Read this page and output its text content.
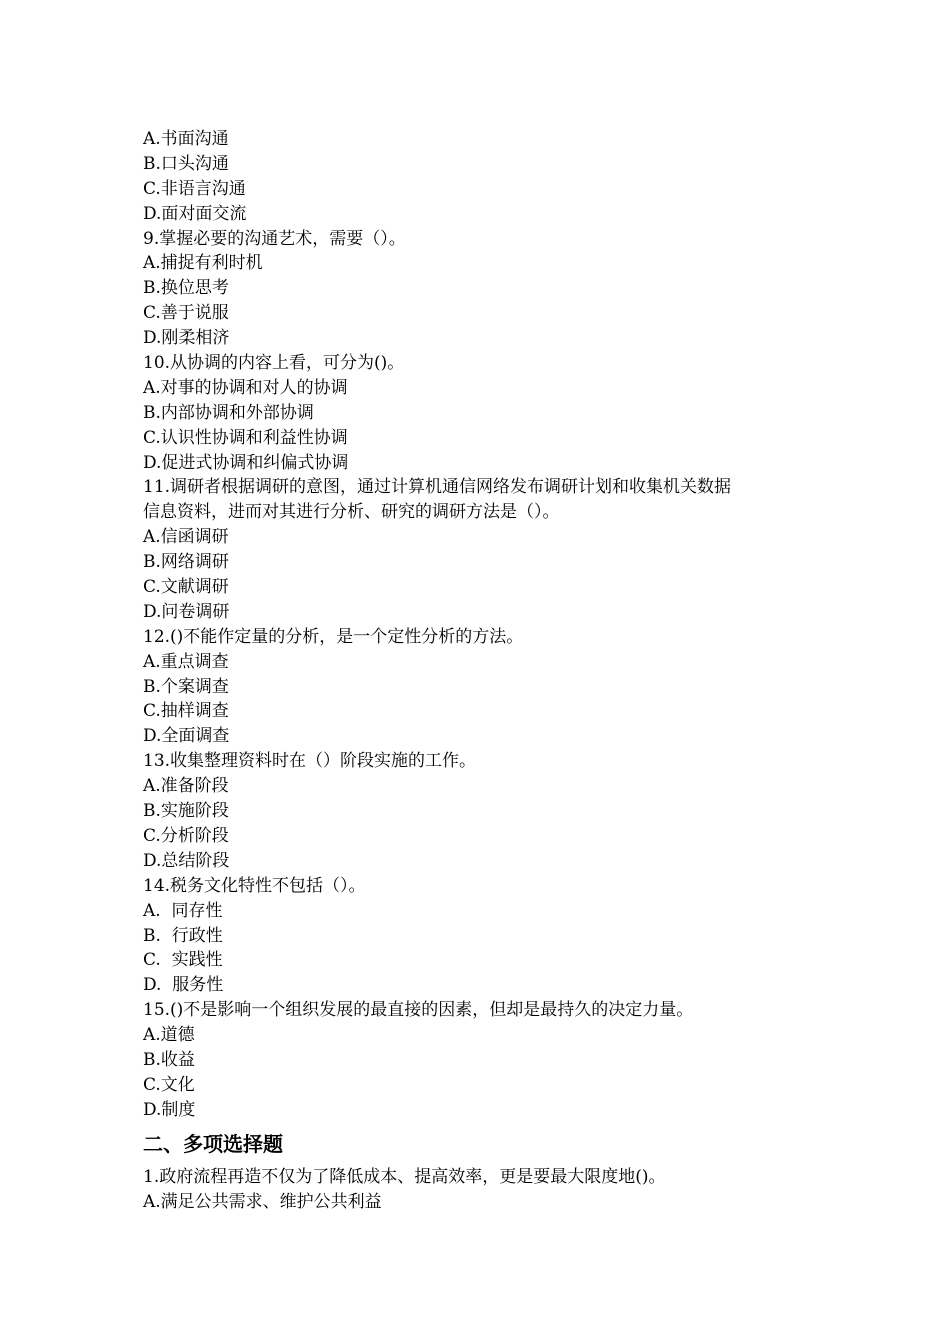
A.书面沟通
B.口头沟通
C.非语言沟通
D.面对面交流
9.掌握必要的沟通艺术，需要（）。
A.捕捉有利时机
B.换位思考
C.善于说服
D.刚柔相济
10.从协调的内容上看，可分为()。
A.对事的协调和对人的协调
B.内部协调和外部协调
C.认识性协调和利益性协调
D.促进式协调和纠偏式协调
11.调研者根据调研的意图，通过计算机通信网络发布调研计划和收集机关数据
信息资料，进而对其进行分析、研究的调研方法是（）。
A.信函调研
B.网络调研
C.文献调研
D.问卷调研
12.()不能作定量的分析，是一个定性分析的方法。
A.重点调查
B.个案调查
C.抽样调查
D.全面调查
13.收集整理资料时在（）阶段实施的工作。
A.准备阶段
B.实施阶段
C.分析阶段
D.总结阶段
14.税务文化特性不包括（）。
A.  同存性
B.  行政性
C.  实践性
D.  服务性
15.()不是影响一个组织发展的最直接的因素，但却是最持久的决定力量。
A.道德
B.收益
C.文化
D.制度
二、多项选择题
1.政府流程再造不仅为了降低成本、提高效率，更是要最大限度地()。
A.满足公共需求、维护公共利益
